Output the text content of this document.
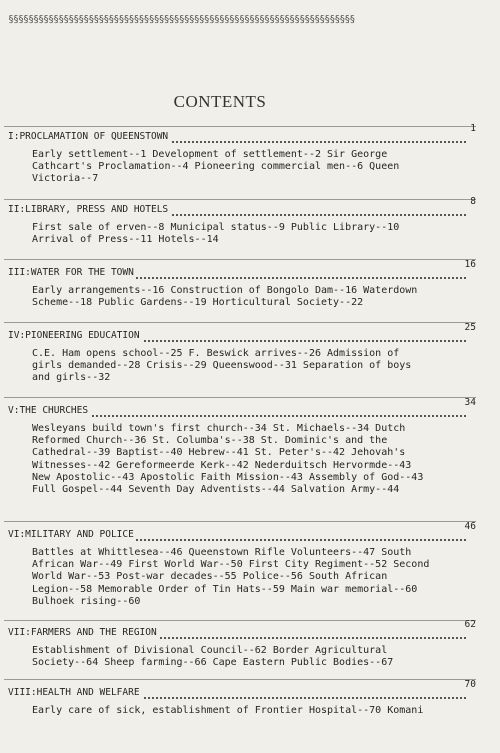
§§§§§§§§§§§§§§§§§§§§§§§§§§§§§§§§§§§§§§§§§§§§§§§§§§§§§§§§§§§§§§§§§§§§§
CONTENTS
I:PROCLAMATION OF QUEENSTOWN
1
Early settlement--1 Development of settlement--2 Sir George Cathcart's Proclamation--4 Pioneering commercial men--6 Queen Victoria--7
II:LIBRARY, PRESS AND HOTELS
8
First sale of erven--8 Municipal status--9 Public Library--10 Arrival of Press--11 Hotels--14
III:WATER FOR THE TOWN
16
Early arrangements--16 Construction of Bongolo Dam--16 Waterdown Scheme--18 Public Gardens--19 Horticultural Society--22
IV:PIONEERING EDUCATION
25
C.E. Ham opens school--25 F. Beswick arrives--26 Admission of girls demanded--28 Crisis--29 Queenswood--31 Separation of boys and girls--32
V:THE CHURCHES
34
Wesleyans build town's first church--34 St. Michaels--34 Dutch Reformed Church--36 St. Columba's--38 St. Dominic's and the Cathedral--39 Baptist--40 Hebrew--41 St. Peter's--42 Jehovah's Witnesses--42 Gereformeerde Kerk--42 Nederduitsch Hervormde--43 New Apostolic--43 Apostolic Faith Mission--43 Assembly of God--43 Full Gospel--44 Seventh Day Adventists--44 Salvation Army--44
VI:MILITARY AND POLICE
46
Battles at Whittlesea--46 Queenstown Rifle Volunteers--47 South African War--49 First World War--50 First City Regiment--52 Second World War--53 Post-war decades--55 Police--56 South African Legion--58 Memorable Order of Tin Hats--59 Main war memorial--60 Bulhoek rising--60
VII:FARMERS AND THE REGION
62
Establishment of Divisional Council--62 Border Agricultural Society--64 Sheep farming--66 Cape Eastern Public Bodies--67
VIII:HEALTH AND WELFARE
70
Early care of sick, establishment of Frontier Hospital--70 Komani
